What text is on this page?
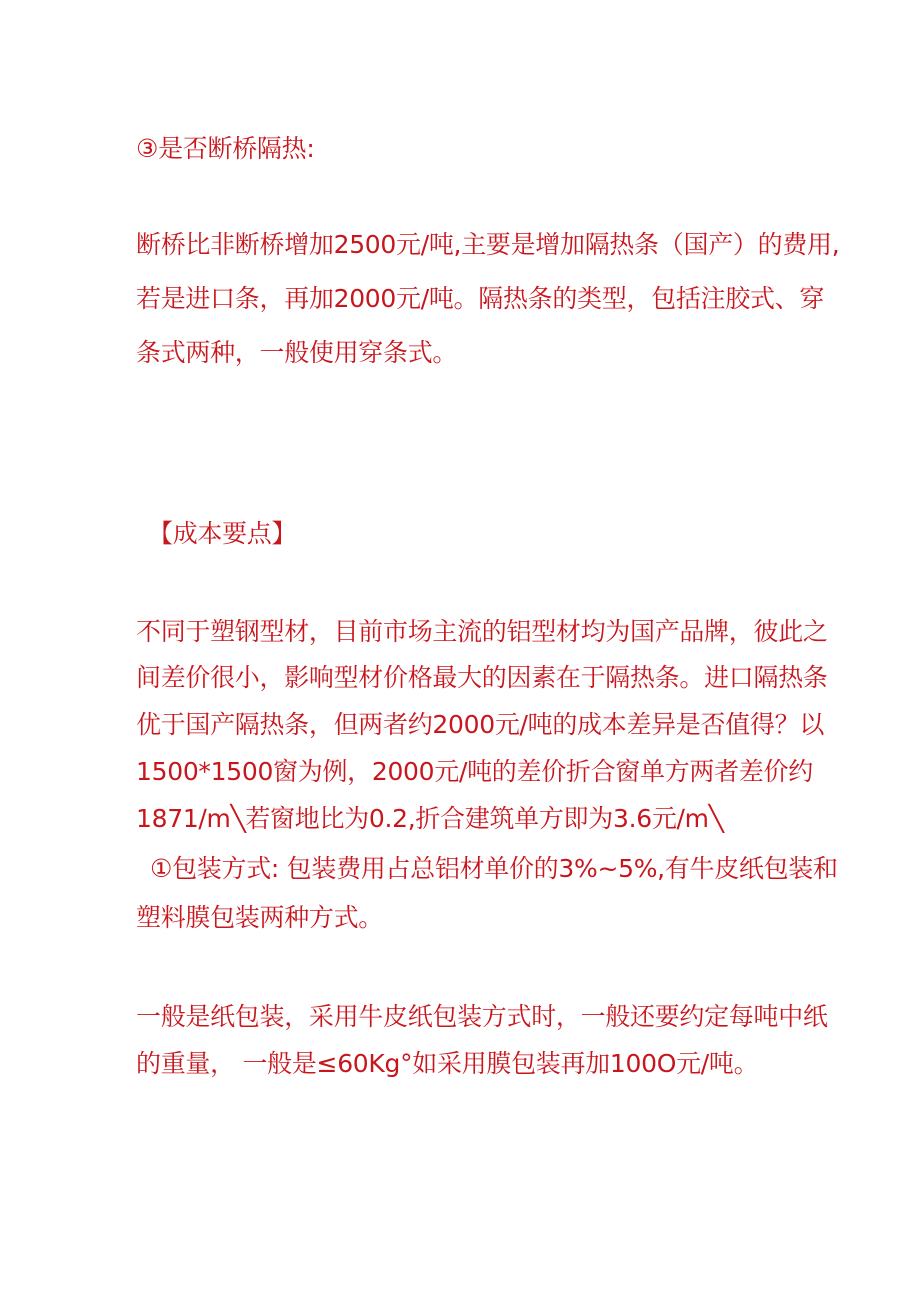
③是否断桥隔热:
断桥比非断桥增加2500元/吨,主要是增加隔热条（国产）的费用,
若是进口条，再加2000元/吨。隔热条的类型，包括注胶式、穿
条式两种，一般使用穿条式。
【成本要点】
不同于塑钢型材，目前市场主流的铝型材均为国产品牌，彼此之
间差价很小，影响型材价格最大的因素在于隔热条。进口隔热条
优于国产隔热条，但两者约2000元/吨的成本差异是否值得？以
1500*1500窗为例，2000元/吨的差价折合窗单方两者差价约
1871∕m╲若窗地比为0.2,折合建筑单方即为3.6元∕m╲
①包装方式: 包装费用占总铝材单价的3%~5%,有牛皮纸包装和
塑料膜包装两种方式。
一般是纸包装，采用牛皮纸包装方式时，一般还要约定每吨中纸
的重量， 一般是≤60Kg°如采用膜包装再加100O元/吨。
